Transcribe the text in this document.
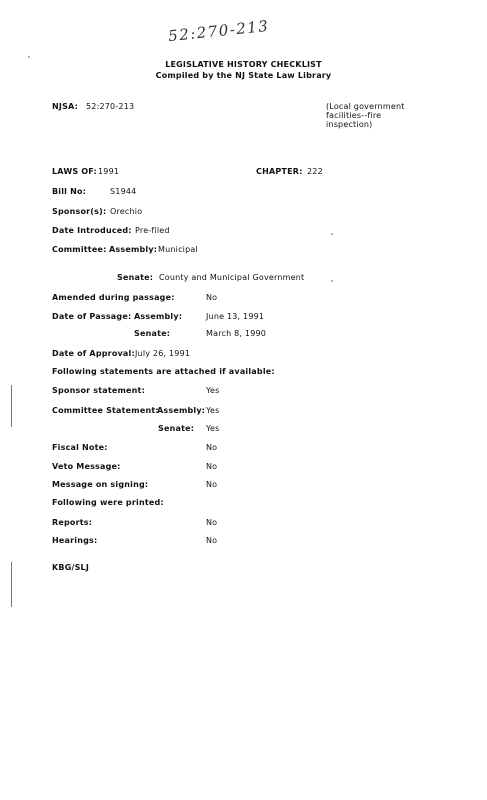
52:270-213
LEGISLATIVE HISTORY CHECKLIST
Compiled by the NJ State Law Library
NJSA: 52:270-213	(Local government facilities--fire inspection)
LAWS OF: 1991	CHAPTER: 222
Bill No:	S1944
Sponsor(s): Orechio
Date Introduced: Pre-filed
Committee: Assembly: Municipal
Senate: County and Municipal Government
Amended during passage:	No
Date of Passage: Assembly:	June 13, 1991
Senate:	March 8, 1990
Date of Approval: July 26, 1991
Following statements are attached if available:
Sponsor statement:	Yes
Committee Statement:
Assembly: Yes
Senate: Yes
Fiscal Note:	No
Veto Message:	No
Message on signing:	No
Following were printed:
Reports:	No
Hearings:	No
KBG/SLJ
